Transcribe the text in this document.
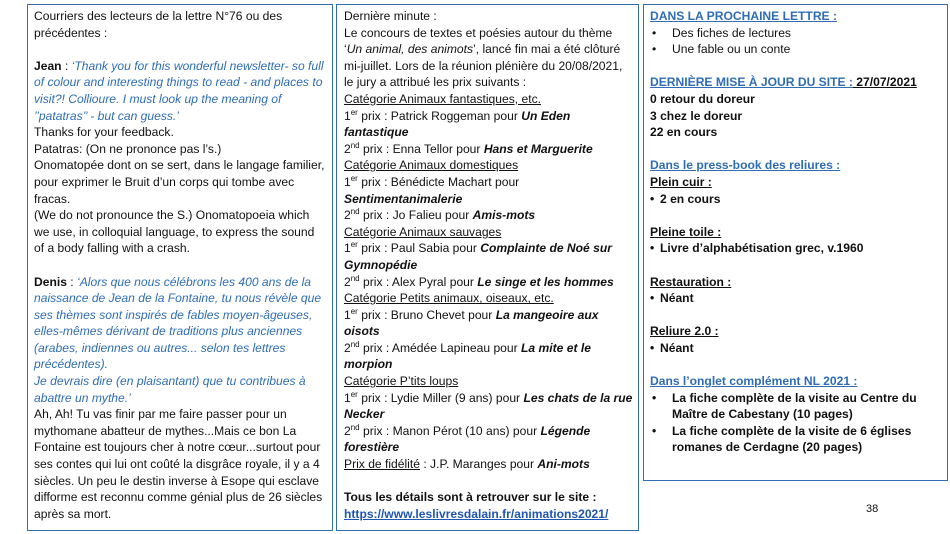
Courriers des lecteurs de la lettre N°76 ou des précédentes :
Jean : ‘Thank you for this wonderful newsletter- so full of colour and interesting things to read - and places to visit?! Collioure. I must look up the meaning of ’’patatras’’ - but can guess.’
Thanks for your feedback.
Patatras: (On ne prononce pas l’s.)
Onomatopée dont on se sert, dans le langage familier, pour exprimer le Bruit d’un corps qui tombe avec fracas.
(We do not pronounce the S.) Onomatopoeia which we use, in colloquial language, to express the sound of a body falling with a crash.
Denis : ‘Alors que nous célébrons les 400 ans de la naissance de Jean de la Fontaine, tu nous révèle que ses thèmes sont inspirés de fables moyen-âgeuses, elles-mêmes dérivant de traditions plus anciennes (arabes, indiennes ou autres... selon tes lettres précédentes).
Je devrais dire (en plaisantant) que tu contribues à abattre un mythe.’
Ah, Ah! Tu vas finir par me faire passer pour un mythomane abatteur de mythes...Mais ce bon La Fontaine est toujours cher à notre cœur...surtout pour ses contes qui lui ont coûté la disgrâce royale, il y a 4 siècles. Un peu le destin inverse à Esope qui esclave difforme est reconnu comme génial plus de 26 siècles après sa mort.
Dernière minute :
Le concours de textes et poésies autour du thème ‘Un animal, des animots’, lancé fin mai a été clôturé mi-juillet. Lors de la réunion plénière du 20/08/2021, le jury a attribué les prix suivants :
Catégorie Animaux fantastiques, etc.
1er prix : Patrick Roggeman pour Un Eden fantastique
2nd prix : Enna Tellor pour Hans et Marguerite
Catégorie Animaux domestiques
1er prix : Bénédicte Machart pour Sentimentanimalerie
2nd prix : Jo Falieu pour Amis-mots
Catégorie Animaux sauvages
1er prix : Paul Sabia pour Complainte de Noé sur Gymnopédie
2nd prix : Alex Pyral pour Le singe et les hommes
Catégorie Petits animaux, oiseaux, etc.
1er prix : Bruno Chevet pour La mangeoire aux oisots
2nd prix : Amédée Lapineau pour La mite et le morpion
Catégorie P’tits loups
1er prix : Lydie Miller (9 ans) pour Les chats de la rue Necker
2nd prix : Manon Pérot (10 ans) pour Légende forestière
Prix de fidélité : J.P. Maranges pour Ani-mots
Tous les détails sont à retrouver sur le site :
https://www.leslivresdalain.fr/animations2021/
DANS LA PROCHAINE LETTRE :
• Des fiches de lectures
• Une fable ou un conte
DERNIÈRE MISE À JOUR DU SITE : 27/07/2021
0 retour du doreur
3 chez le doreur
22 en cours
Dans le press-book des reliures :
Plein cuir :
• 2 en cours
Pleine toile :
• Livre d’alphabétisation grec, v.1960
Restauration :
• Néant
Reliure 2.0 :
• Néant
Dans l’onglet complément NL 2021 :
• La fiche complète de la visite au Centre du Maître de Cabestany (10 pages)
• La fiche complète de la visite de 6 églises romanes de Cerdagne (20 pages)
38
